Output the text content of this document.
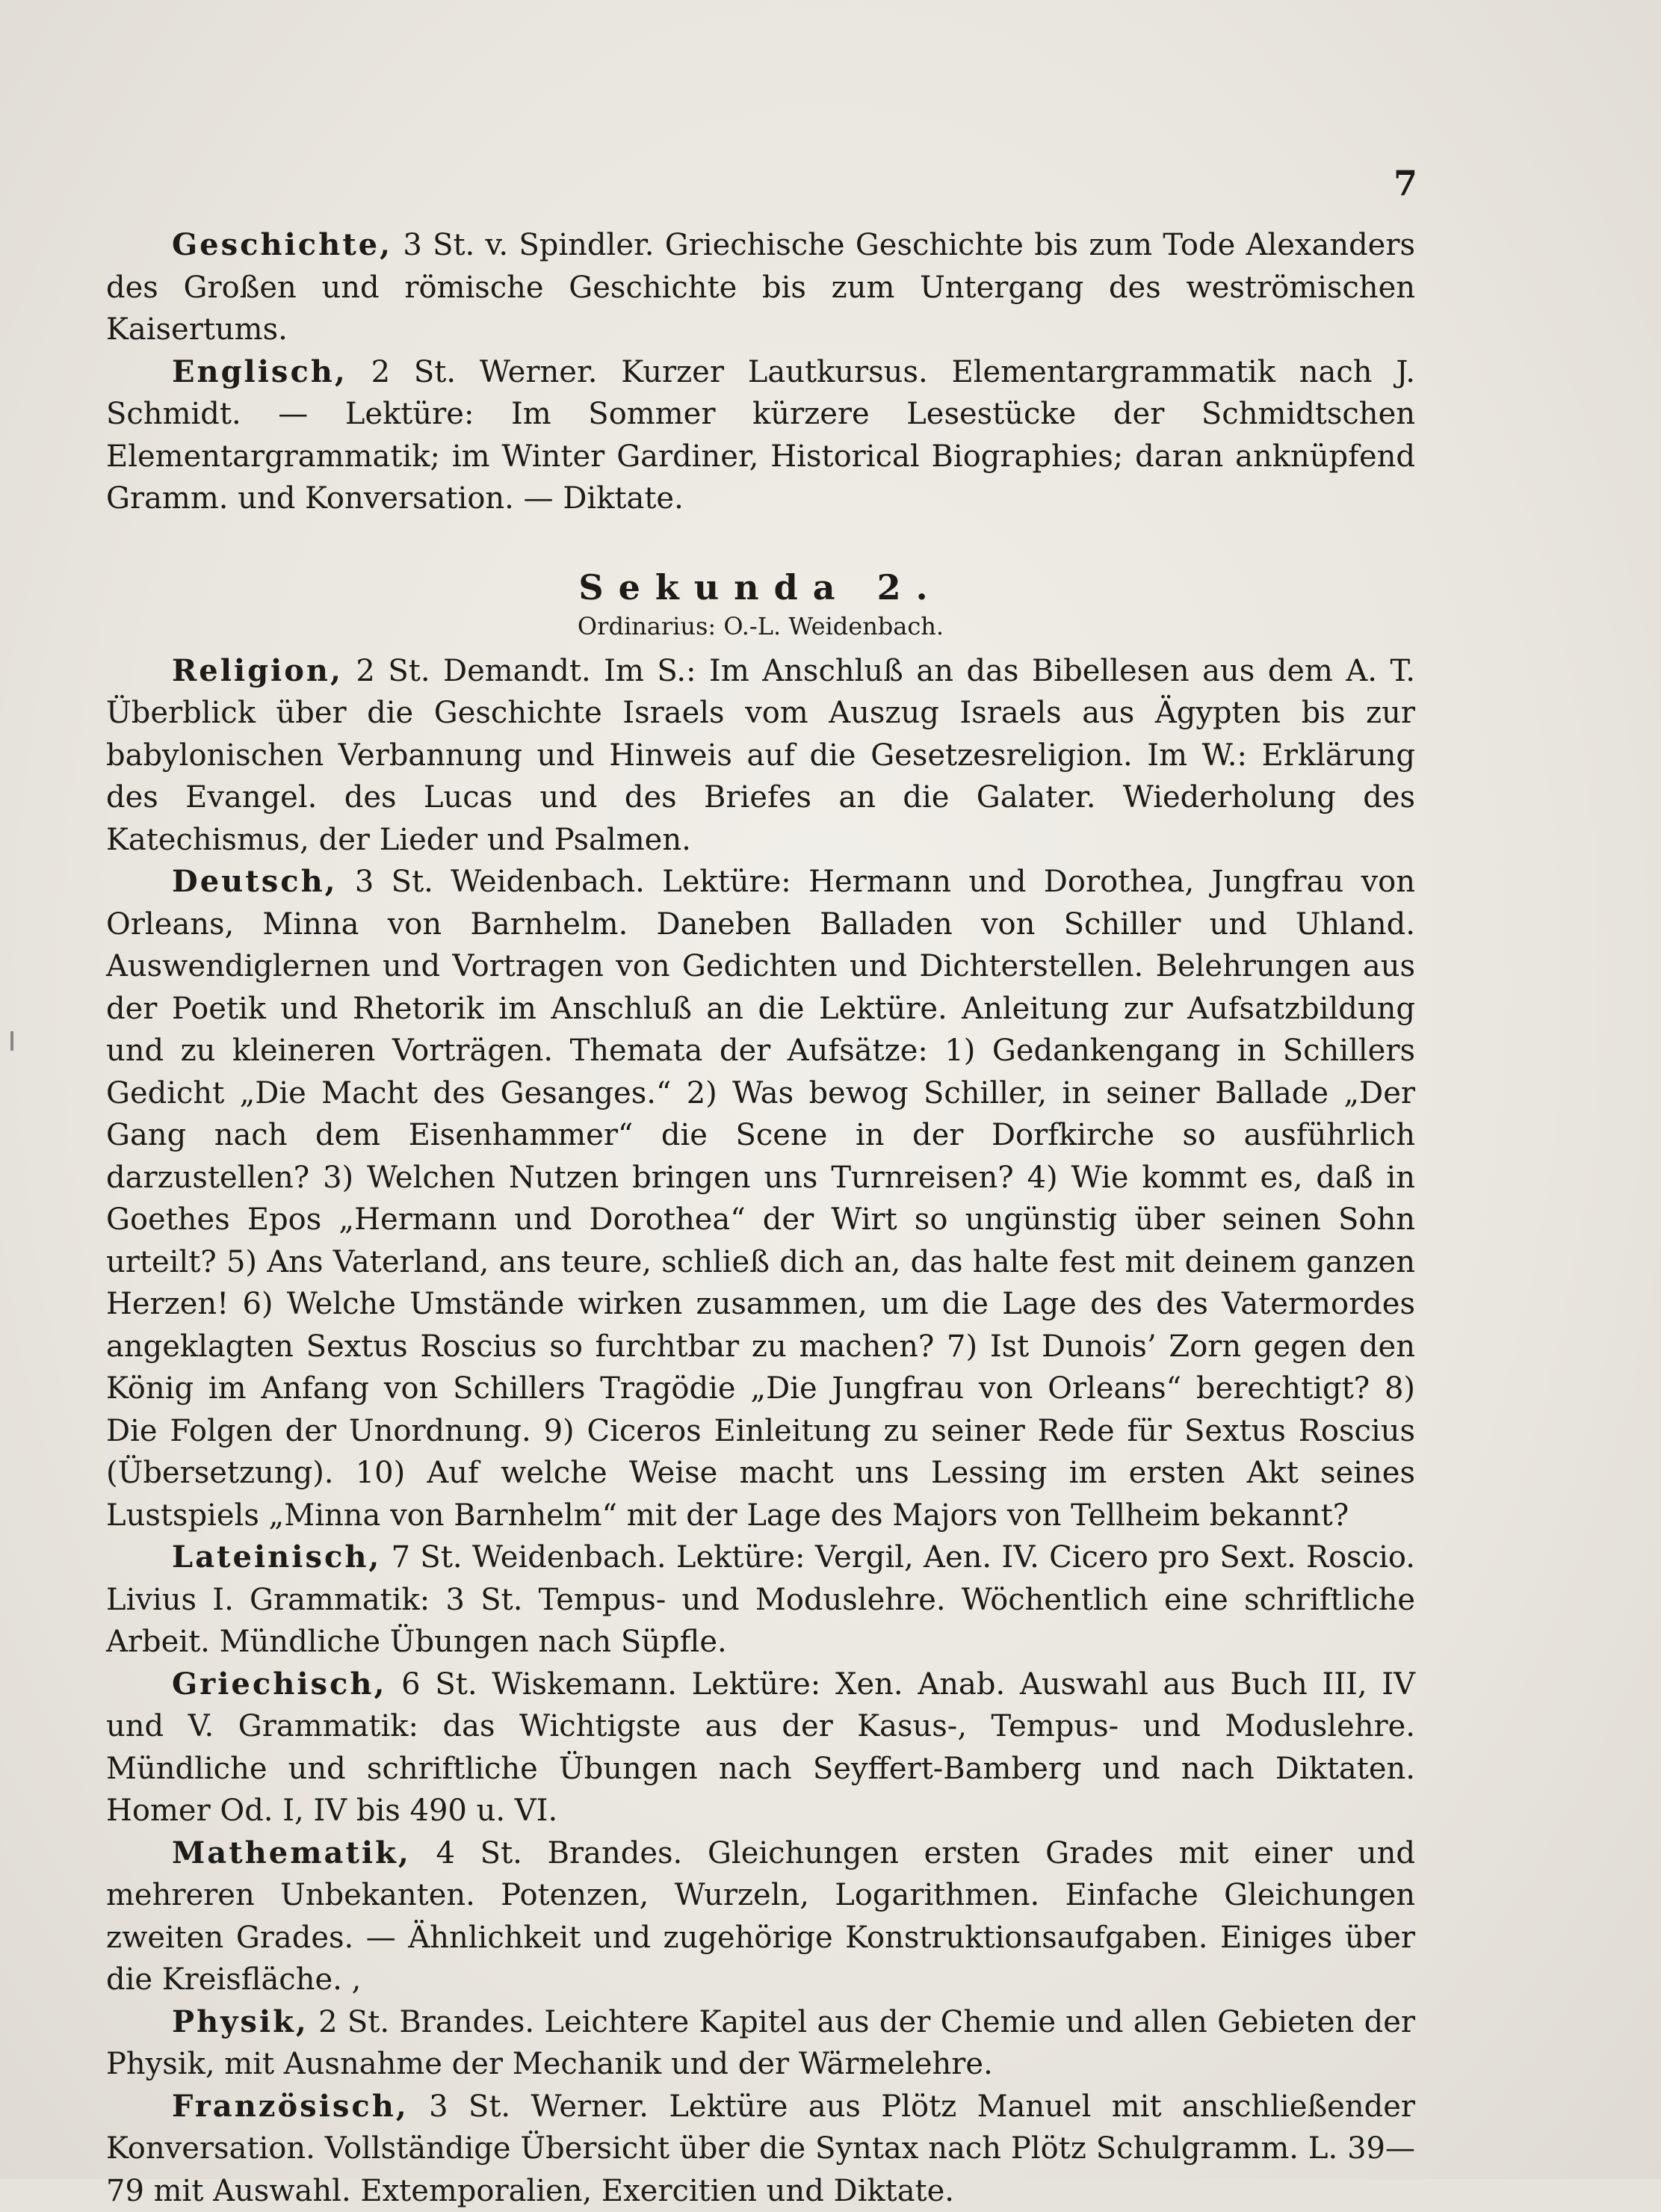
7

Geschichte, 3 St. v. Spindler. Griechische Geschichte bis zum Tode Alexanders des Großen und römische Geschichte bis zum Untergang des weströmischen Kaisertums.

Englisch, 2 St. Werner. Kurzer Lautkursus. Elementargrammatik nach J. Schmidt. — Lektüre: Im Sommer kürzere Lesestücke der Schmidtschen Elementargrammatik; im Winter Gardiner, Historical Biographies; daran anknüpfend Gramm. und Konversation. — Diktate.

Sekunda 2.
Ordinarius: O.-L. Weidenbach.

Religion, 2 St. Demandt. Im S.: Im Anschluß an das Bibellesen aus dem A. T. Überblick über die Geschichte Israels vom Auszug Israels aus Ägypten bis zur babylonischen Verbannung und Hinweis auf die Gesetzesreligion. Im W.: Erklärung des Evangel. des Lucas und des Briefes an die Galater. Wiederholung des Katechismus, der Lieder und Psalmen.

Deutsch, 3 St. Weidenbach. Lektüre: Hermann und Dorothea, Jungfrau von Orleans, Minna von Barnhelm. Daneben Balladen von Schiller und Uhland. Auswendiglernen und Vortragen von Gedichten und Dichterstellen. Belehrungen aus der Poetik und Rhetorik im Anschluß an die Lektüre. Anleitung zur Aufsatzbildung und zu kleineren Vorträgen. Themata der Aufsätze: 1) Gedankengang in Schillers Gedicht „Die Macht des Gesanges.“ 2) Was bewog Schiller, in seiner Ballade „Der Gang nach dem Eisenhammer“ die Scene in der Dorfkirche so ausführlich darzustellen? 3) Welchen Nutzen bringen uns Turnreisen? 4) Wie kommt es, daß in Goethes Epos „Hermann und Dorothea“ der Wirt so ungünstig über seinen Sohn urteilt? 5) Ans Vaterland, ans teure, schließ dich an, das halte fest mit deinem ganzen Herzen! 6) Welche Umstände wirken zusammen, um die Lage des des Vatermordes angeklagten Sextus Roscius so furchtbar zu machen? 7) Ist Dunois’ Zorn gegen den König im Anfang von Schillers Tragödie „Die Jungfrau von Orleans“ berechtigt? 8) Die Folgen der Unordnung. 9) Ciceros Einleitung zu seiner Rede für Sextus Roscius (Übersetzung). 10) Auf welche Weise macht uns Lessing im ersten Akt seines Lustspiels „Minna von Barnhelm“ mit der Lage des Majors von Tellheim bekannt?

Lateinisch, 7 St. Weidenbach. Lektüre: Vergil, Aen. IV. Cicero pro Sext. Roscio. Livius I. Grammatik: 3 St. Tempus- und Moduslehre. Wöchentlich eine schriftliche Arbeit. Mündliche Übungen nach Süpfle.

Griechisch, 6 St. Wiskemann. Lektüre: Xen. Anab. Auswahl aus Buch III, IV und V. Grammatik: das Wichtigste aus der Kasus-, Tempus- und Moduslehre. Mündliche und schriftliche Übungen nach Seyffert-Bamberg und nach Diktaten. Homer Od. I, IV bis 490 u. VI.

Mathematik, 4 St. Brandes. Gleichungen ersten Grades mit einer und mehreren Unbekanten. Potenzen, Wurzeln, Logarithmen. Einfache Gleichungen zweiten Grades. — Ähnlichkeit und zugehörige Konstruktionsaufgaben. Einiges über die Kreisfläche. ,

Physik, 2 St. Brandes. Leichtere Kapitel aus der Chemie und allen Gebieten der Physik, mit Ausnahme der Mechanik und der Wärmelehre.

Französisch, 3 St. Werner. Lektüre aus Plötz Manuel mit anschließender Konversation. Vollständige Übersicht über die Syntax nach Plötz Schulgramm. L. 39—79 mit Auswahl. Extemporalien, Exercitien und Diktate.
